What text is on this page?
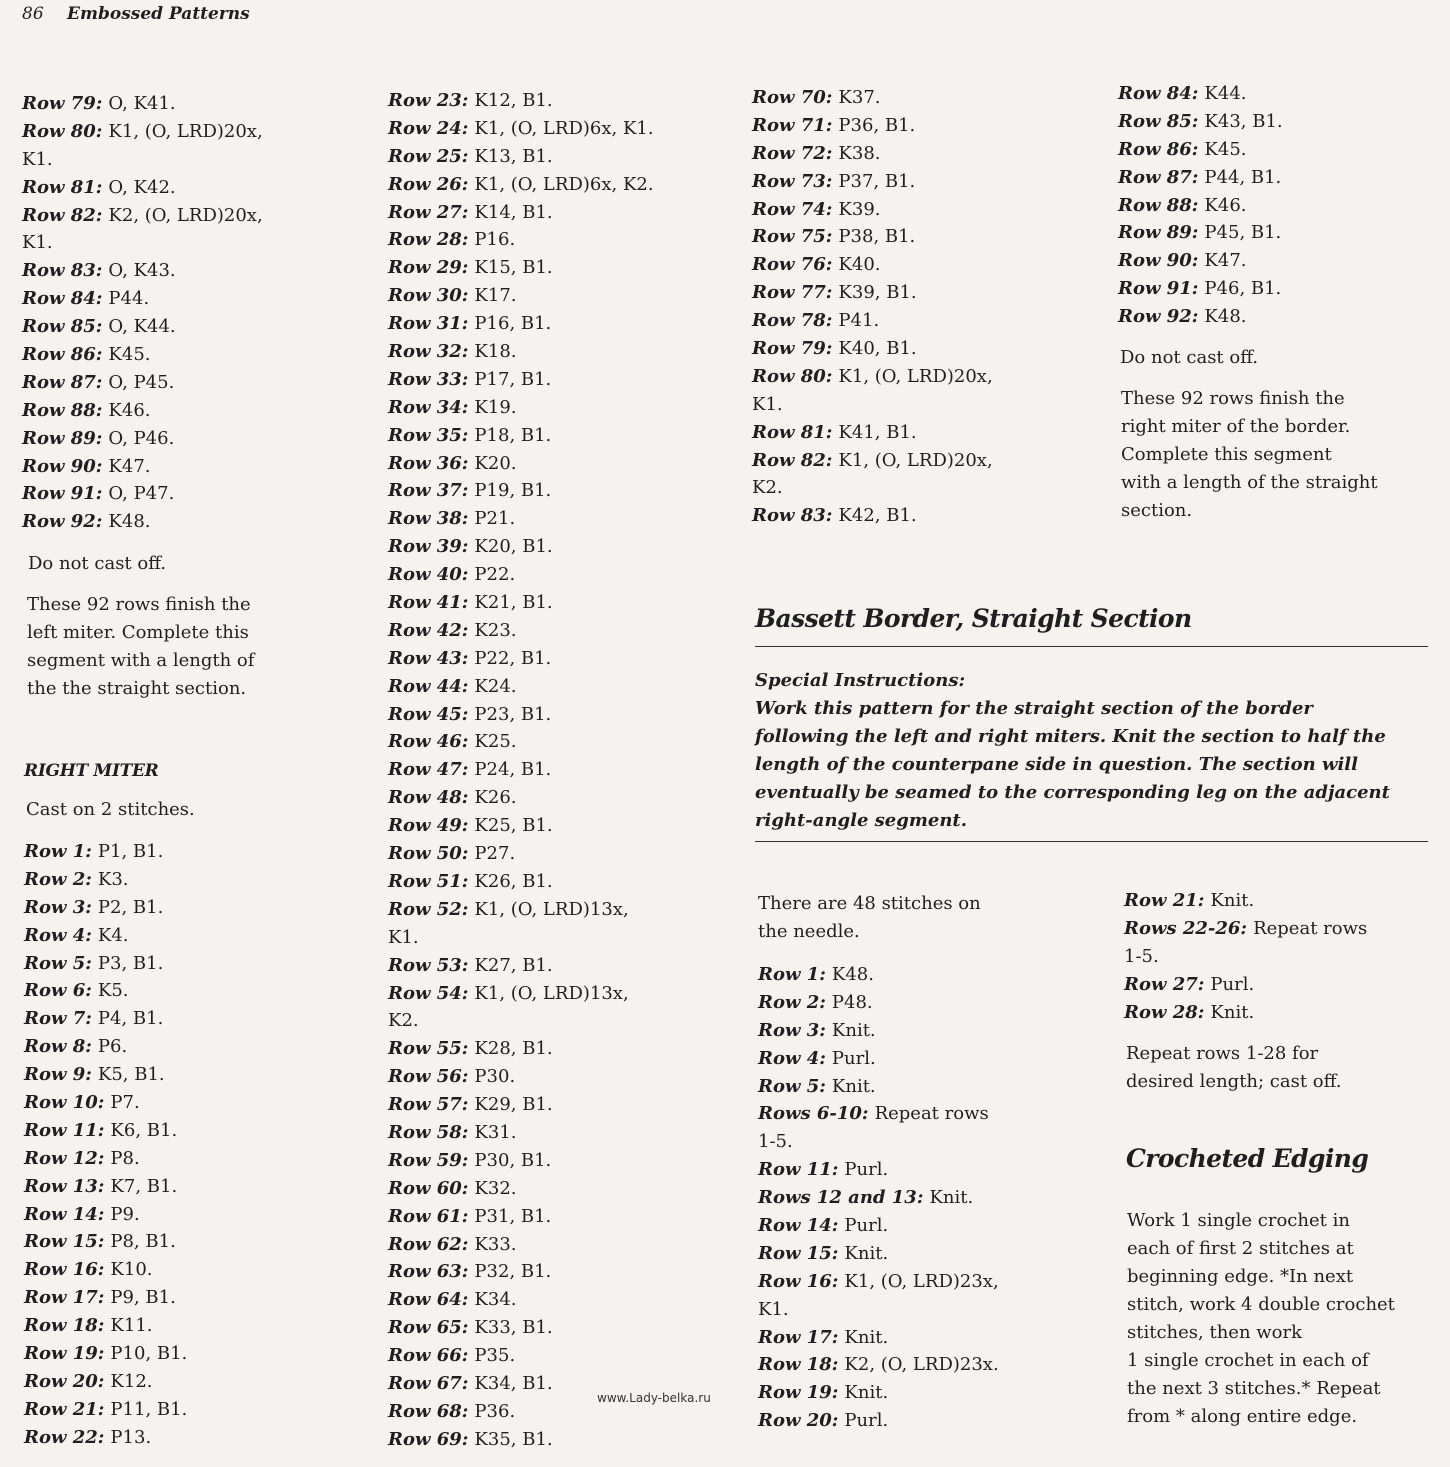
86 Embossed Patterns
Row 79: O, K41.
Row 80: K1, (O, LRD)20x,
K1.
Row 81: O, K42.
Row 82: K2, (O, LRD)20x,
K1.
Row 83: O, K43.
Row 84: P44.
Row 85: O, K44.
Row 86: K45.
Row 87: O, P45.
Row 88: K46.
Row 89: O, P46.
Row 90: K47.
Row 91: O, P47.
Row 92: K48.

Do not cast off.

These 92 rows finish the
left miter. Complete this
segment with a length of
the the straight section.
RIGHT MITER

Cast on 2 stitches.

Row 1: P1, B1.
Row 2: K3.
Row 3: P2, B1.
Row 4: K4.
Row 5: P3, B1.
Row 6: K5.
Row 7: P4, B1.
Row 8: P6.
Row 9: K5, B1.
Row 10: P7.
Row 11: K6, B1.
Row 12: P8.
Row 13: K7, B1.
Row 14: P9.
Row 15: P8, B1.
Row 16: K10.
Row 17: P9, B1.
Row 18: K11.
Row 19: P10, B1.
Row 20: K12.
Row 21: P11, B1.
Row 22: P13.
Row 23: K12, B1.
Row 24: K1, (O, LRD)6x, K1.
Row 25: K13, B1.
Row 26: K1, (O, LRD)6x, K2.
Row 27: K14, B1.
Row 28: P16.
Row 29: K15, B1.
Row 30: K17.
Row 31: P16, B1.
Row 32: K18.
Row 33: P17, B1.
Row 34: K19.
Row 35: P18, B1.
Row 36: K20.
Row 37: P19, B1.
Row 38: P21.
Row 39: K20, B1.
Row 40: P22.
Row 41: K21, B1.
Row 42: K23.
Row 43: P22, B1.
Row 44: K24.
Row 45: P23, B1.
Row 46: K25.
Row 47: P24, B1.
Row 48: K26.
Row 49: K25, B1.
Row 50: P27.
Row 51: K26, B1.
Row 52: K1, (O, LRD)13x,
K1.
Row 53: K27, B1.
Row 54: K1, (O, LRD)13x,
K2.
Row 55: K28, B1.
Row 56: P30.
Row 57: K29, B1.
Row 58: K31.
Row 59: P30, B1.
Row 60: K32.
Row 61: P31, B1.
Row 62: K33.
Row 63: P32, B1.
Row 64: K34.
Row 65: K33, B1.
Row 66: P35.
Row 67: K34, B1.
Row 68: P36.
Row 69: K35, B1.
Row 70: K37.
Row 71: P36, B1.
Row 72: K38.
Row 73: P37, B1.
Row 74: K39.
Row 75: P38, B1.
Row 76: K40.
Row 77: K39, B1.
Row 78: P41.
Row 79: K40, B1.
Row 80: K1, (O, LRD)20x,
K1.
Row 81: K41, B1.
Row 82: K1, (O, LRD)20x,
K2.
Row 83: K42, B1.
Row 84: K44.
Row 85: K43, B1.
Row 86: K45.
Row 87: P44, B1.
Row 88: K46.
Row 89: P45, B1.
Row 90: K47.
Row 91: P46, B1.
Row 92: K48.

Do not cast off.

These 92 rows finish the
right miter of the border.
Complete this segment
with a length of the straight
section.
Bassett Border, Straight Section
Special Instructions:
Work this pattern for the straight section of the border
following the left and right miters. Knit the section to half the
length of the counterpane side in question. The section will
eventually be seamed to the corresponding leg on the adjacent
right-angle segment.
There are 48 stitches on
the needle.
Row 1: K48.
Row 2: P48.
Row 3: Knit.
Row 4: Purl.
Row 5: Knit.
Rows 6-10: Repeat rows
1-5.
Row 11: Purl.
Rows 12 and 13: Knit.
Row 14: Purl.
Row 15: Knit.
Row 16: K1, (O, LRD)23x,
K1.
Row 17: Knit.
Row 18: K2, (O, LRD)23x.
Row 19: Knit.
Row 20: Purl.
Row 21: Knit.
Rows 22-26: Repeat rows
1-5.
Row 27: Purl.
Row 28: Knit.
Repeat rows 1-28 for
desired length; cast off.
Crocheted Edging
Work 1 single crochet in
each of first 2 stitches at
beginning edge. *In next
stitch, work 4 double crochet
stitches, then work
1 single crochet in each of
the next 3 stitches.* Repeat
from * along entire edge.
www.Lady-belka.ru
